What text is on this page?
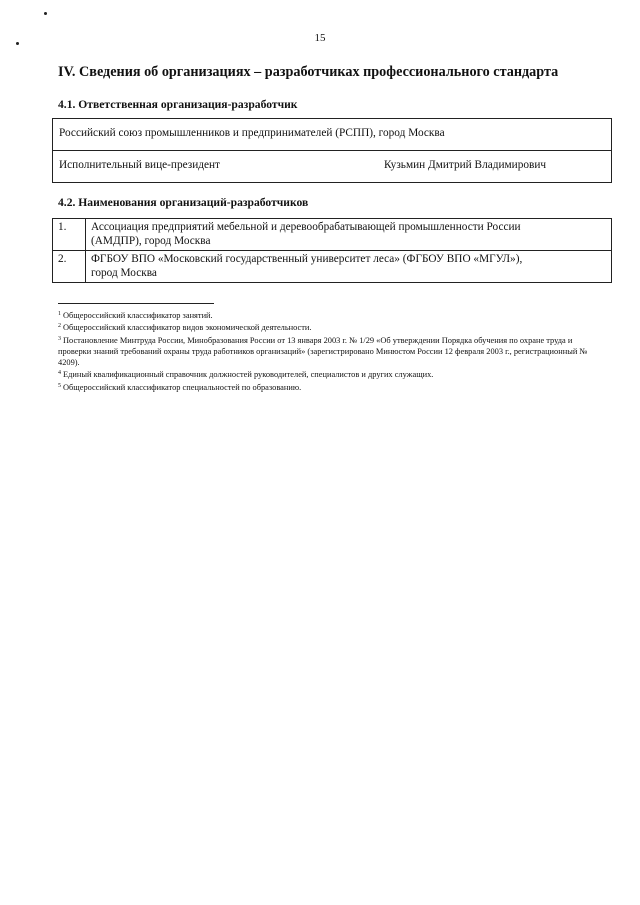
15
IV. Сведения об организациях – разработчиках профессионального стандарта
4.1. Ответственная организация-разработчик
Российский союз промышленников и предпринимателей (РСПП), город Москва
Исполнительный вице-президент	Кузьмин Дмитрий Владимирович
4.2. Наименования организаций-разработчиков
1.	Ассоциация предприятий мебельной и деревообрабатывающей промышленности России
(АМДПР), город Москва

2.	ФГБОУ ВПО «Московский государственный университет леса» (ФГБОУ ВПО «МГУЛ»),
город Москва
$^1$ Общероссийский классификатор занятий.
$^2$ Общероссийский классификатор видов экономической деятельности.
$^3$ Постановление Минтруда России, Минобразования России от 13 января 2003 г. № 1/29 «Об утверждении Порядка обучения по охране труда и проверки знаний требований охраны труда работников организаций» (зарегистрировано Минюстом России 12 февраля 2003 г., регистрационный № 4209).
$^4$ Единый квалификационный справочник должностей руководителей, специалистов и других служащих.
$^5$ Общероссийский классификатор специальностей по образованию.
